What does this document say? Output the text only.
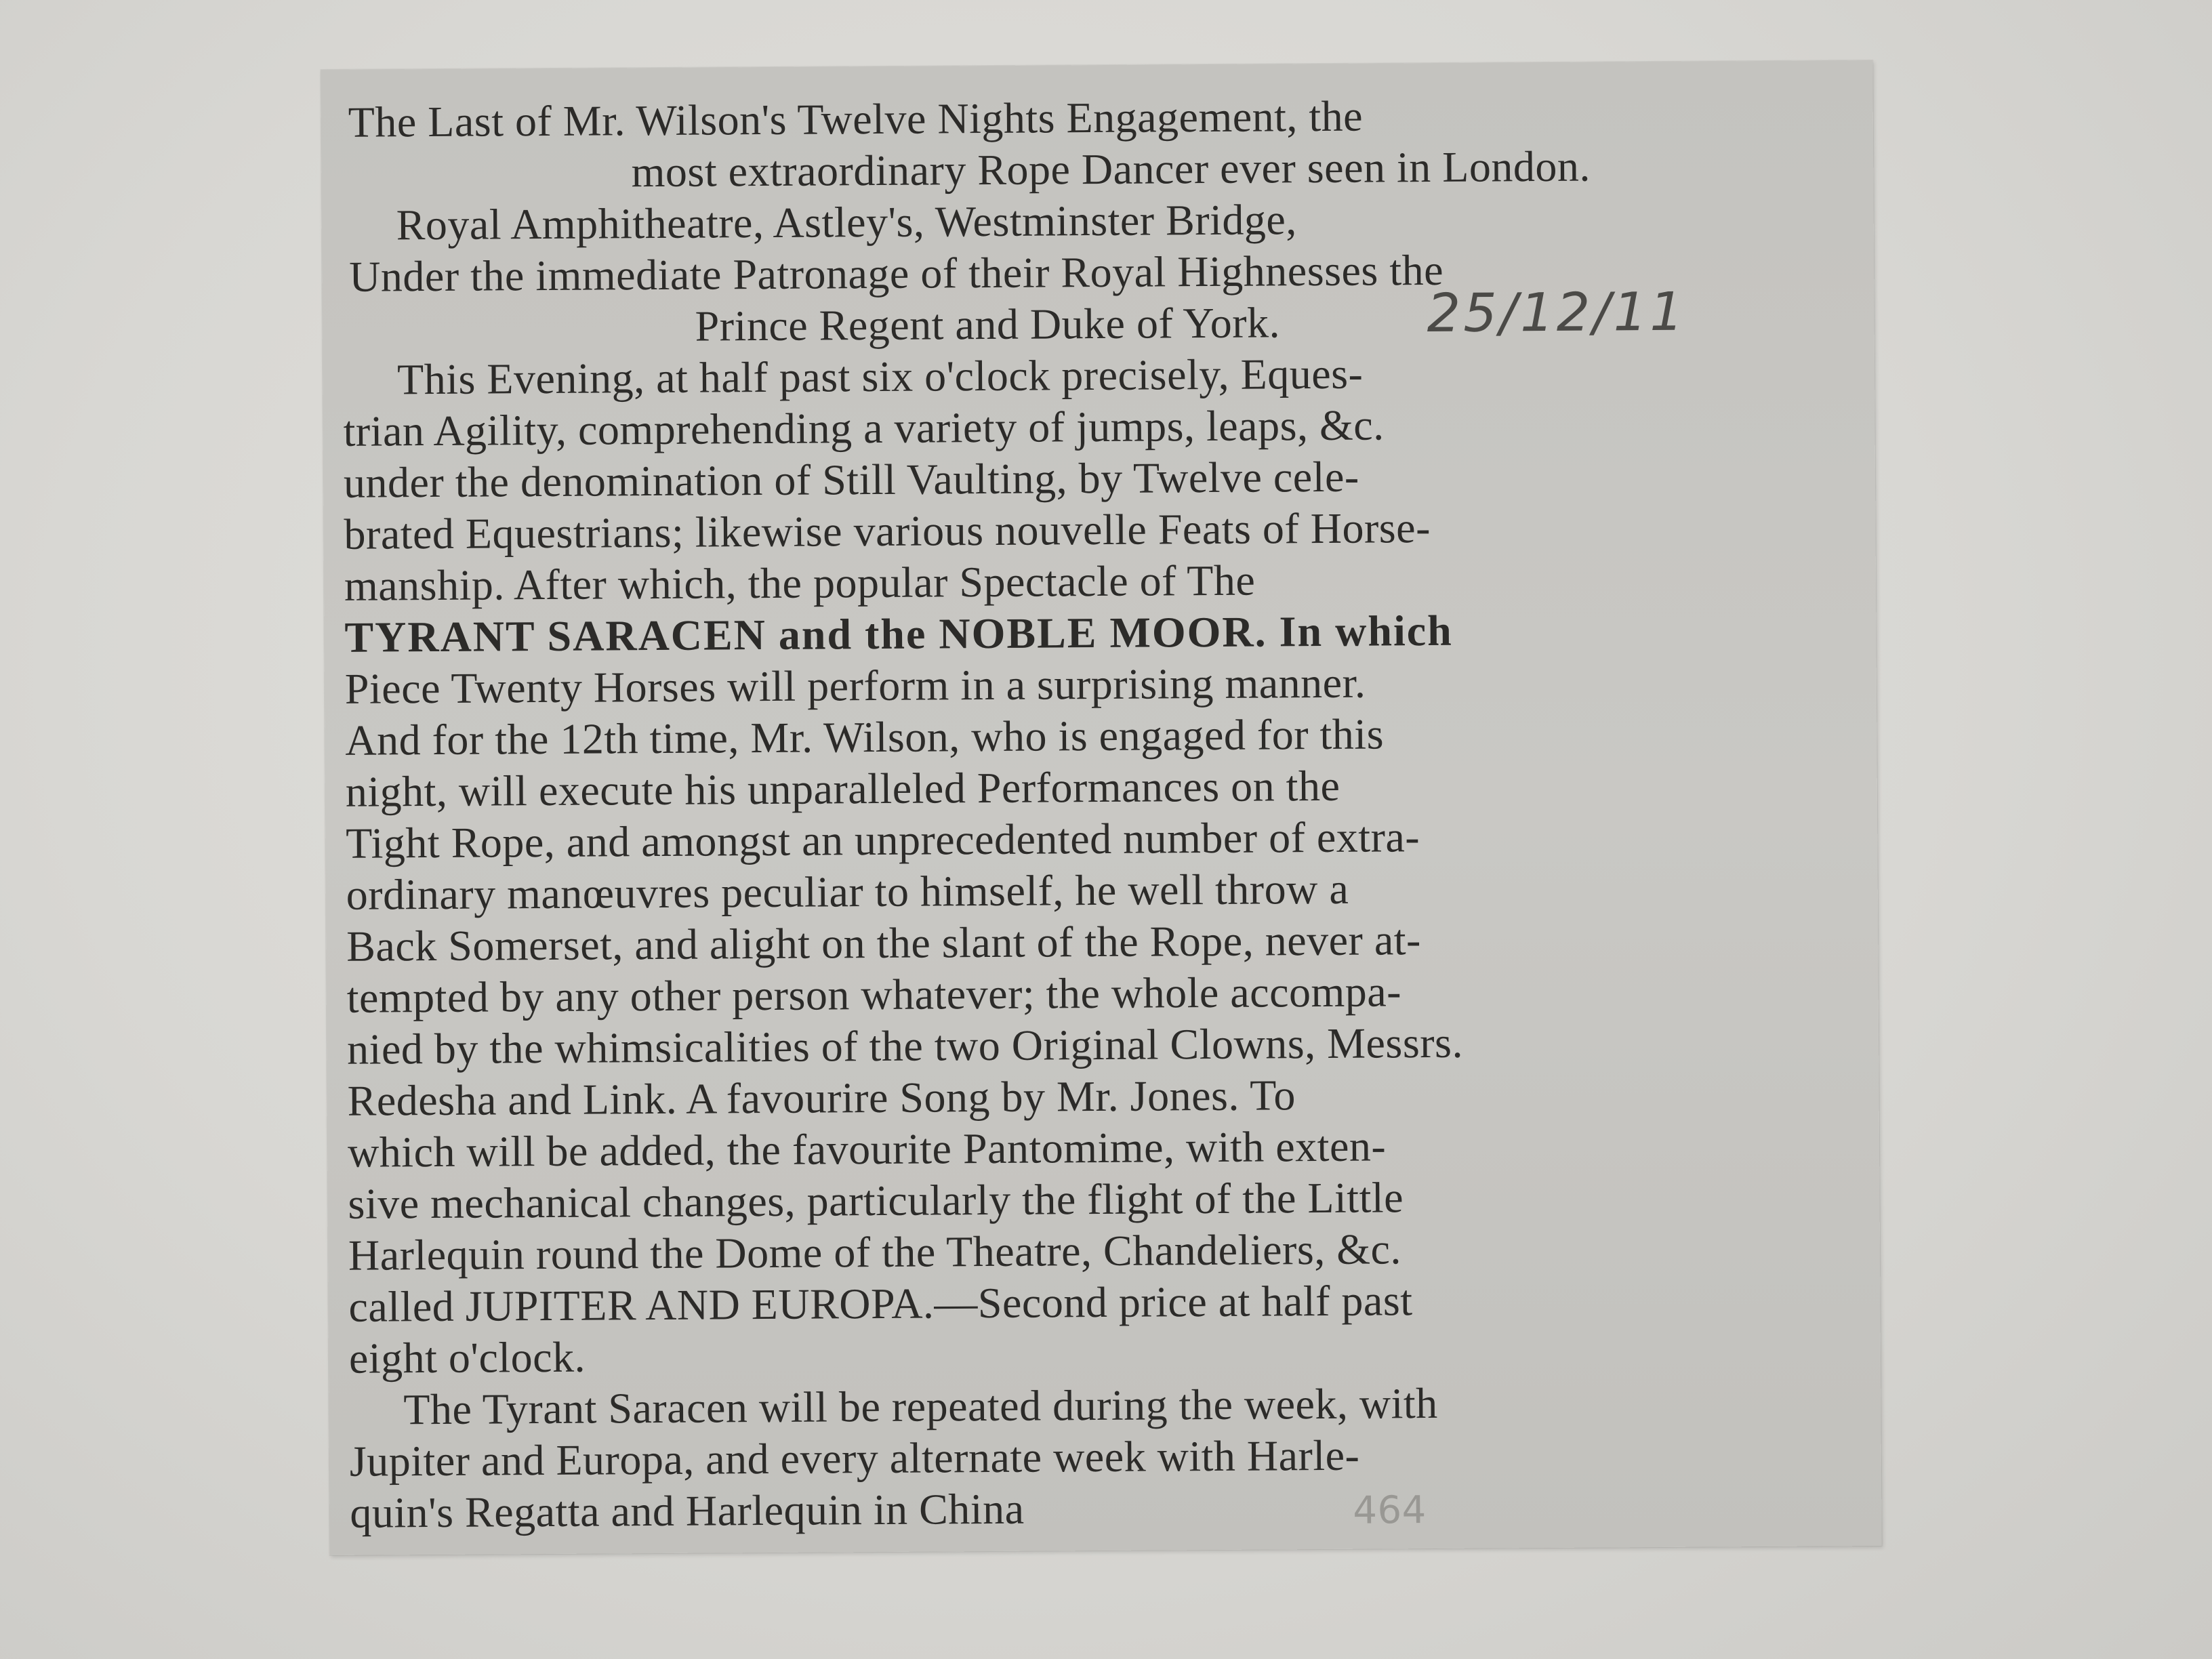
The Last of Mr. Wilson's Twelve Nights Engagement, the
most extraordinary Rope Dancer ever seen in London.
Royal Amphitheatre, Astley's, Westminster Bridge,
Under the immediate Patronage of their Royal Highnesses the
Prince Regent and Duke of York.	25/12/11
This Evening, at half past six o'clock precisely, Eques-
trian Agility, comprehending a variety of jumps, leaps, &c.
under the denomination of Still Vaulting, by Twelve cele-
brated Equestrians; likewise various nouvelle Feats of Horse-
manship. After which, the popular Spectacle of The
TYRANT SARACEN and the NOBLE MOOR. In which
Piece Twenty Horses will perform in a surprising manner.
And for the 12th time, Mr. Wilson, who is engaged for this
night, will execute his unparalleled Performances on the
Tight Rope, and amongst an unprecedented number of extra-
ordinary manœuvres peculiar to himself, he well throw a
Back Somerset, and alight on the slant of the Rope, never at-
tempted by any other person whatever; the whole accompa-
nied by the whimsicalities of the two Original Clowns, Messrs.
Redesha and Link. A favourire Song by Mr. Jones. To
which will be added, the favourite Pantomime, with exten-
sive mechanical changes, particularly the flight of the Little
Harlequin round the Dome of the Theatre, Chandeliers, &c.
called JUPITER AND EUROPA.—Second price at half past
eight o'clock.
The Tyrant Saracen will be repeated during the week, with
Jupiter and Europa, and every alternate week with Harle-
quin's Regatta and Harlequin in China	464
